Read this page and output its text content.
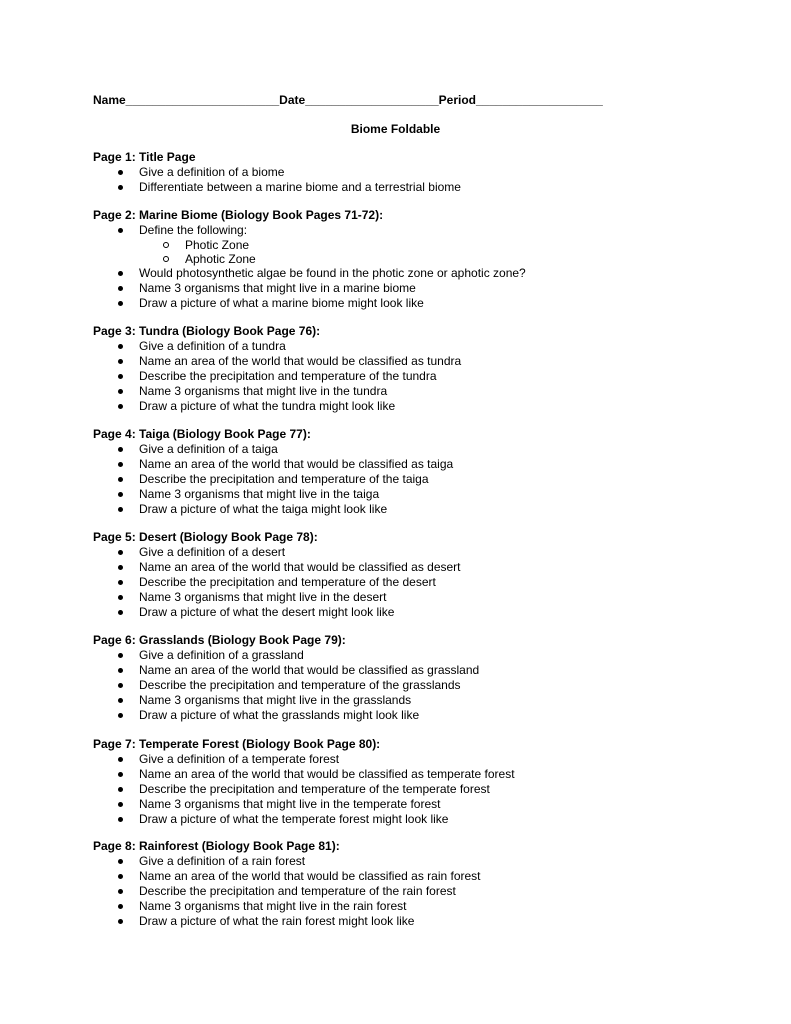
Name_______________________Date____________________Period___________________
Biome Foldable
Page 1: Title Page
Give a definition of a biome
Differentiate between a marine biome and a terrestrial biome
Page 2: Marine Biome (Biology Book Pages 71-72):
Define the following:
Photic Zone
Aphotic Zone
Would photosynthetic algae be found in the photic zone or aphotic zone?
Name 3 organisms that might live in a marine biome
Draw a picture of what a marine biome might look like
Page 3: Tundra (Biology Book Page 76):
Give a definition of a tundra
Name an area of the world that would be classified as tundra
Describe the precipitation and temperature of the tundra
Name 3 organisms that might live in the tundra
Draw a picture of what the tundra might look like
Page 4: Taiga (Biology Book Page 77):
Give a definition of a taiga
Name an area of the world that would be classified as taiga
Describe the precipitation and temperature of the taiga
Name 3 organisms that might live in the taiga
Draw a picture of what the taiga might look like
Page 5: Desert (Biology Book Page 78):
Give a definition of a desert
Name an area of the world that would be classified as desert
Describe the precipitation and temperature of the desert
Name 3 organisms that might live in the desert
Draw a picture of what the desert might look like
Page 6: Grasslands (Biology Book Page 79):
Give a definition of a grassland
Name an area of the world that would be classified as grassland
Describe the precipitation and temperature of the grasslands
Name 3 organisms that might live in the grasslands
Draw a picture of what the grasslands might look like
Page 7: Temperate Forest (Biology Book Page 80):
Give a definition of a temperate forest
Name an area of the world that would be classified as temperate forest
Describe the precipitation and temperature of the temperate forest
Name 3 organisms that might live in the temperate forest
Draw a picture of what the temperate forest might look like
Page 8: Rainforest (Biology Book Page 81):
Give a definition of a rain forest
Name an area of the world that would be classified as rain forest
Describe the precipitation and temperature of the rain forest
Name 3 organisms that might live in the rain forest
Draw a picture of what the rain forest might look like
